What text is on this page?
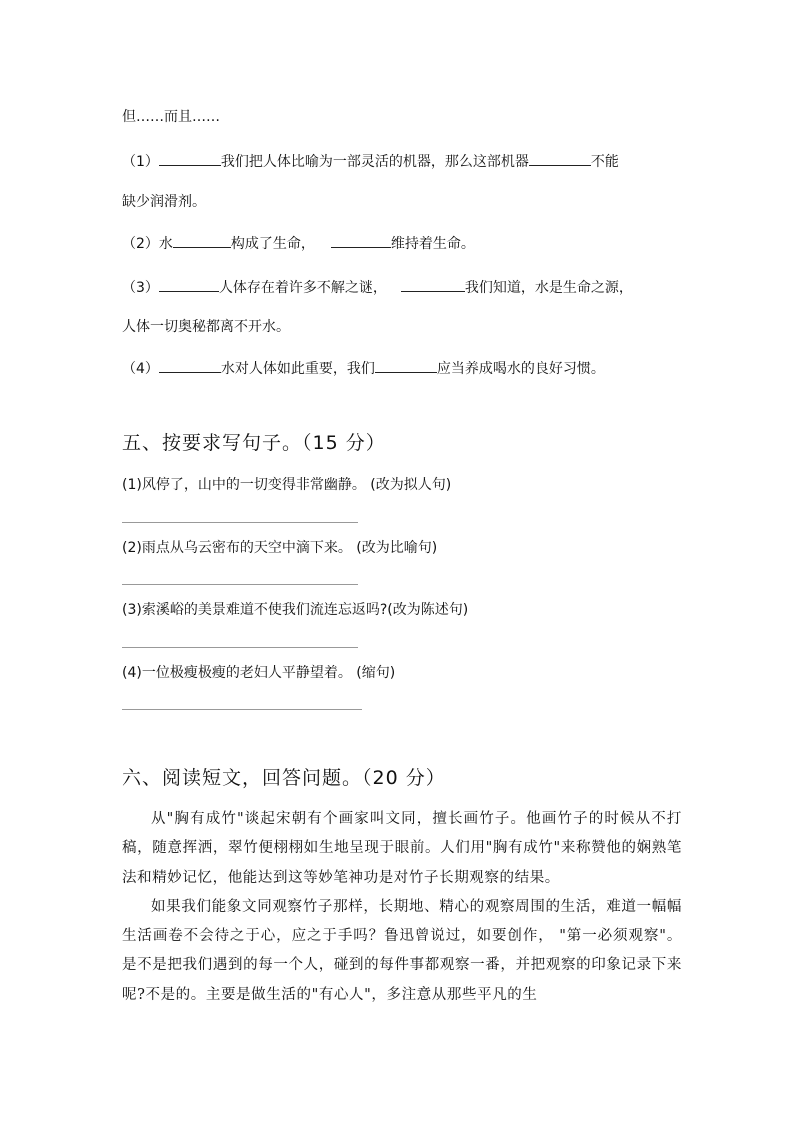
但……而且……
（1）	我们把人体比喻为一部灵活的机器，那么这部机器	不能
缺少润滑剂。
（2）水	构成了生命，	维持着生命。
（3）	人体存在着许多不解之谜，	我们知道，水是生命之源，
人体一切奥秘都离不开水。
（4）	水对人体如此重要，我们	应当养成喝水的良好习惯。
五、按要求写句子。（15 分）
(1)风停了，山中的一切变得非常幽静。 (改为拟人句)
(2)雨点从乌云密布的天空中滴下来。 (改为比喻句)
(3)索溪峪的美景难道不使我们流连忘返吗?(改为陈述句)
(4)一位极瘦极瘦的老妇人平静望着。 (缩句)
六、阅读短文，回答问题。（20 分）

从"胸有成竹"谈起宋朝有个画家叫文同，擅长画竹子。他画竹子的时候从不打稿，随意挥洒，翠竹便栩栩如生地呈现于眼前。人们用"胸有成竹"来称赞他的娴熟笔法和精妙记忆，他能达到这等妙笔神功是对竹子长期观察的结果。

如果我们能象文同观察竹子那样，长期地、精心的观察周围的生活，难道一幅幅生活画卷不会待之于心，应之于手吗？鲁迅曾说过，如要创作， "第一必须观察"。是不是把我们遇到的每一个人，碰到的每件事都观察一番，并把观察的印象记录下来呢?不是的。主要是做生活的"有心人"，多注意从那些平凡的生
